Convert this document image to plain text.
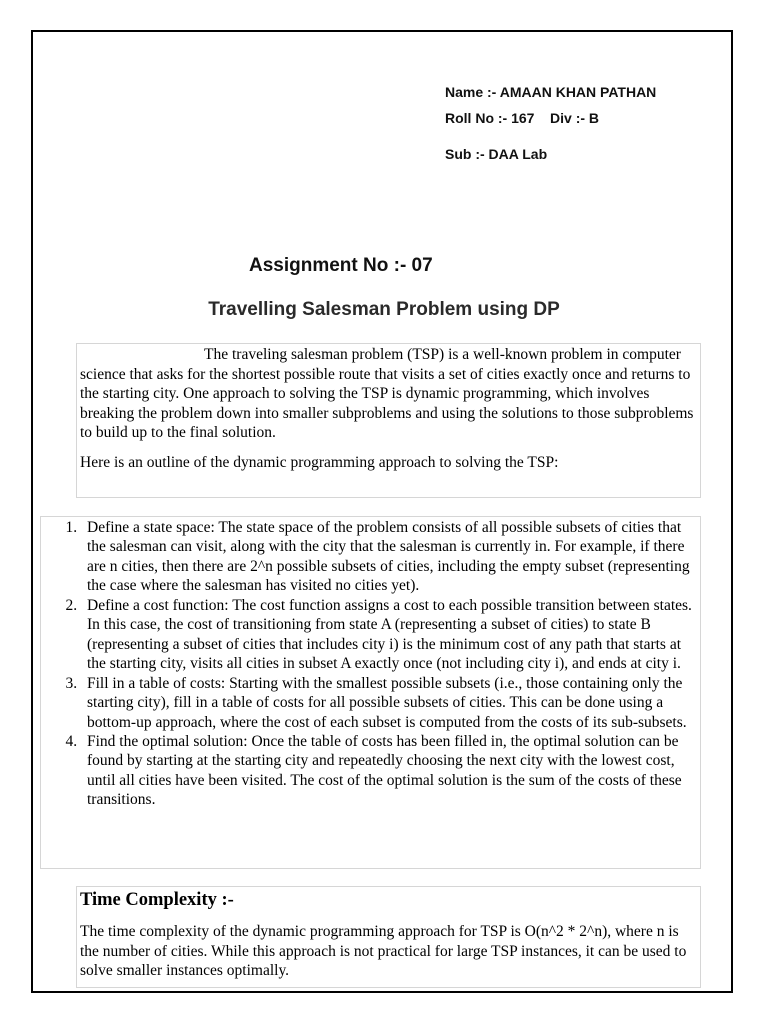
Name :- AMAAN KHAN PATHAN
Roll No :- 167    Div :- B
Sub :- DAA Lab
Assignment No :- 07
Travelling Salesman Problem using DP

The traveling salesman problem (TSP) is a well-known problem in computer science that asks for the shortest possible route that visits a set of cities exactly once and returns to the starting city. One approach to solving the TSP is dynamic programming, which involves breaking the problem down into smaller subproblems and using the solutions to those subproblems to build up to the final solution.

Here is an outline of the dynamic programming approach to solving the TSP:

1. Define a state space: The state space of the problem consists of all possible subsets of cities that the salesman can visit, along with the city that the salesman is currently in. For example, if there are n cities, then there are 2^n possible subsets of cities, including the empty subset (representing the case where the salesman has visited no cities yet).
2. Define a cost function: The cost function assigns a cost to each possible transition between states. In this case, the cost of transitioning from state A (representing a subset of cities) to state B (representing a subset of cities that includes city i) is the minimum cost of any path that starts at the starting city, visits all cities in subset A exactly once (not including city i), and ends at city i.
3. Fill in a table of costs: Starting with the smallest possible subsets (i.e., those containing only the starting city), fill in a table of costs for all possible subsets of cities. This can be done using a bottom-up approach, where the cost of each subset is computed from the costs of its sub-subsets.
4. Find the optimal solution: Once the table of costs has been filled in, the optimal solution can be found by starting at the starting city and repeatedly choosing the next city with the lowest cost, until all cities have been visited. The cost of the optimal solution is the sum of the costs of these transitions.
Time Complexity :-

The time complexity of the dynamic programming approach for TSP is O(n^2 * 2^n), where n is the number of cities. While this approach is not practical for large TSP instances, it can be used to solve smaller instances optimally.
